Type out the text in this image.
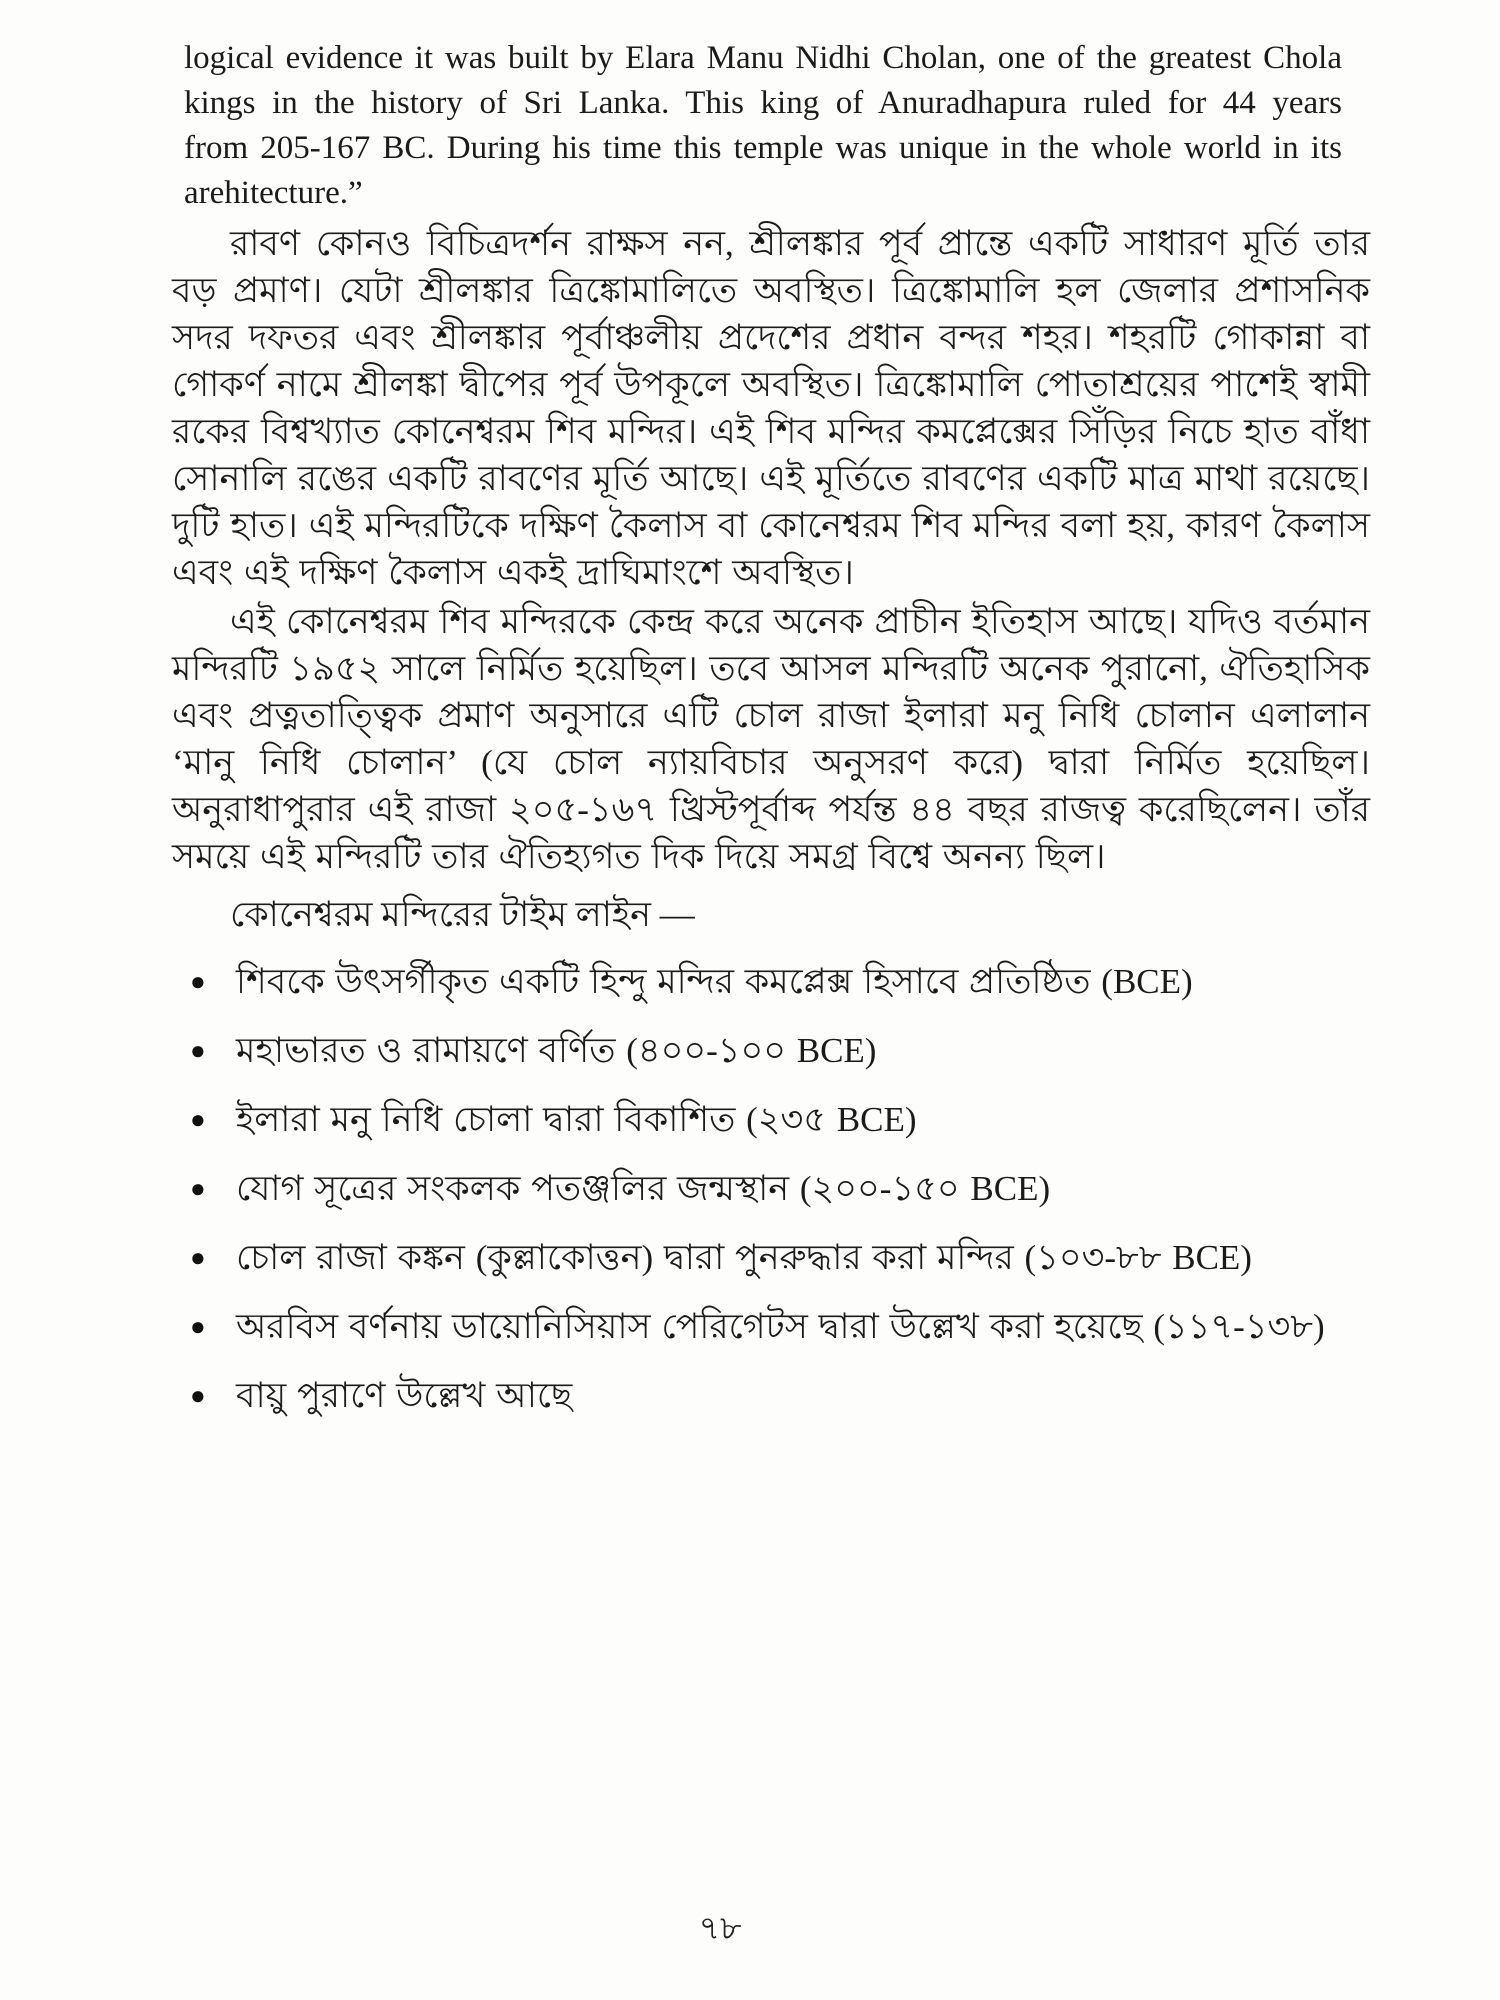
logical evidence it was built by Elara Manu Nidhi Cholan, one of the greatest Chola kings in the history of Sri Lanka. This king of Anuradhapura ruled for 44 years from 205-167 BC. During his time this temple was unique in the whole world in its arehitecture.”

রাবণ কোনও বিচিত্রদর্শন রাক্ষস নন, শ্রীলঙ্কার পূর্ব প্রান্তে একটি সাধারণ মূর্তি তার বড় প্রমাণ। যেটা শ্রীলঙ্কার ত্রিঙ্কোমালিতে অবস্থিত। ত্রিঙ্কোমালি হল জেলার প্রশাসনিক সদর দফতর এবং শ্রীলঙ্কার পূর্বাঞ্চলীয় প্রদেশের প্রধান বন্দর শহর। শহরটি গোকান্না বা গোকর্ণ নামে শ্রীলঙ্কা দ্বীপের পূর্ব উপকূলে অবস্থিত। ত্রিঙ্কোমালি পোতাশ্রয়ের পাশেই স্বামী রকের বিশ্বখ্যাত কোনেশ্বরম শিব মন্দির। এই শিব মন্দির কমপ্লেক্সের সিঁড়ির নিচে হাত বাঁধা সোনালি রঙের একটি রাবণের মূর্তি আছে। এই মূর্তিতে রাবণের একটি মাত্র মাথা রয়েছে। দুটি হাত। এই মন্দিরটিকে দক্ষিণ কৈলাস বা কোনেশ্বরম শিব মন্দির বলা হয়, কারণ কৈলাস এবং এই দক্ষিণ কৈলাস একই দ্রাঘিমাংশে অবস্থিত।

এই কোনেশ্বরম শিব মন্দিরকে কেন্দ্র করে অনেক প্রাচীন ইতিহাস আছে। যদিও বর্তমান মন্দিরটি ১৯৫২ সালে নির্মিত হয়েছিল। তবে আসল মন্দিরটি অনেক পুরানো, ঐতিহাসিক এবং প্রত্নতাত্ত্বিক প্রমাণ অনুসারে এটি চোল রাজা ইলারা মনু নিধি চোলান এলালান ‘মানু নিধি চোলান’ (যে চোল ন্যায়বিচার অনুসরণ করে) দ্বারা নির্মিত হয়েছিল। অনুরাধাপুরার এই রাজা ২০৫-১৬৭ খ্রিস্টপূর্বাব্দ পর্যন্ত ৪৪ বছর রাজত্ব করেছিলেন। তাঁর সময়ে এই মন্দিরটি তার ঐতিহ্যগত দিক দিয়ে সমগ্র বিশ্বে অনন্য ছিল।

কোনেশ্বরম মন্দিরের টাইম লাইন —
● শিবকে উৎসর্গীকৃত একটি হিন্দু মন্দির কমপ্লেক্স হিসাবে প্রতিষ্ঠিত (BCE)
● মহাভারত ও রামায়ণে বর্ণিত (৪০০-১০০ BCE)
● ইলারা মনু নিধি চোলা দ্বারা বিকাশিত (২৩৫ BCE)
● যোগ সূত্রের সংকলক পতঞ্জলির জন্মস্থান (২০০-১৫০ BCE)
● চোল রাজা কঙ্কন (কুল্লাকোত্তন) দ্বারা পুনরুদ্ধার করা মন্দির (১০৩-৮৮ BCE)
● অরবিস বর্ণনায় ডায়োনিসিয়াস পেরিগেটস দ্বারা উল্লেখ করা হয়েছে (১১৭-১৩৮)
● বায়ু পুরাণে উল্লেখ আছে
৭৮
